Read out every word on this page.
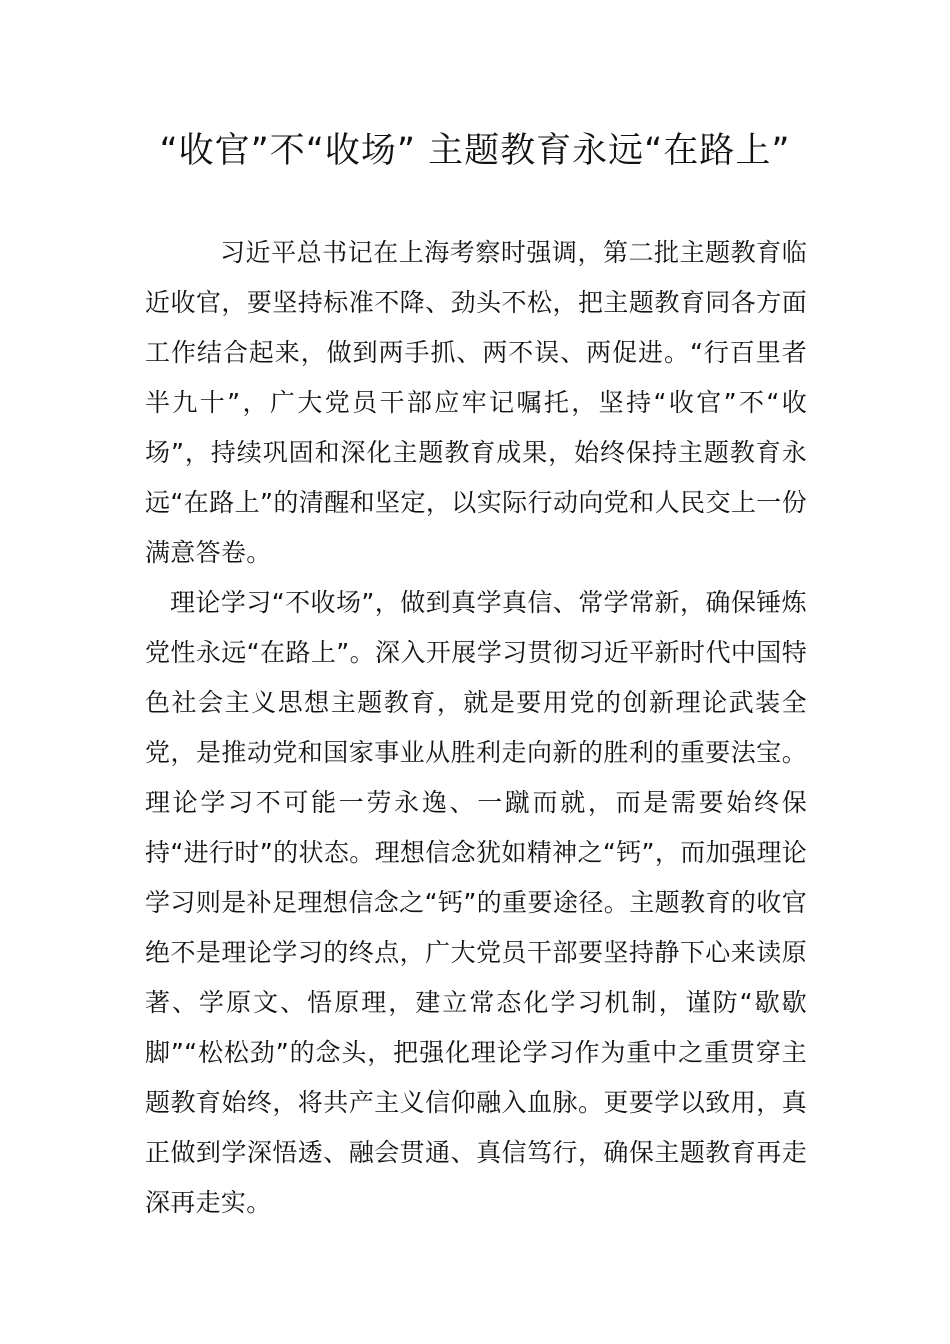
“收官”不“收场” 主题教育永远“在路上”

习近平总书记在上海考察时强调，第二批主题教育临近收官，要坚持标准不降、劲头不松，把主题教育同各方面工作结合起来，做到两手抓、两不误、两促进。“行百里者半九十”，广大党员干部应牢记嘱托，坚持“收官”不“收场”，持续巩固和深化主题教育成果，始终保持主题教育永远“在路上”的清醒和坚定，以实际行动向党和人民交上一份满意答卷。

理论学习“不收场”，做到真学真信、常学常新，确保锤炼党性永远“在路上”。深入开展学习贯彻习近平新时代中国特色社会主义思想主题教育，就是要用党的创新理论武装全党，是推动党和国家事业从胜利走向新的胜利的重要法宝。理论学习不可能一劳永逸、一蹴而就，而是需要始终保持“进行时”的状态。理想信念犹如精神之“钙”，而加强理论学习则是补足理想信念之“钙”的重要途径。主题教育的收官绝不是理论学习的终点，广大党员干部要坚持静下心来读原著、学原文、悟原理，建立常态化学习机制，谨防“歇歇脚”“松松劲”的念头，把强化理论学习作为重中之重贯穿主题教育始终，将共产主义信仰融入血脉。更要学以致用，真正做到学深悟透、融会贯通、真信笃行，确保主题教育再走深再走实。
